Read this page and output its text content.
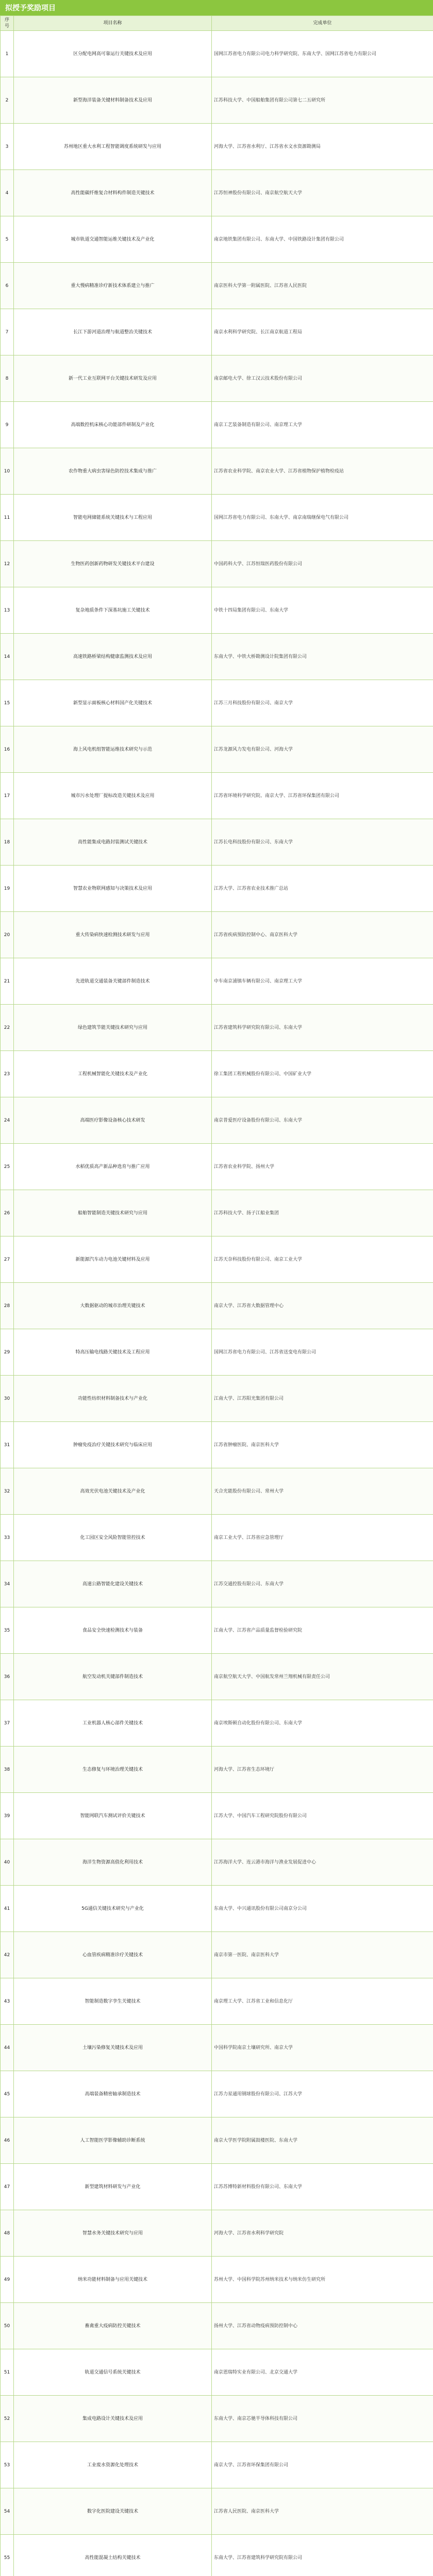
拟授予奖励项目
序号	项目名称	完成单位
1	区分配电网高可靠运行关键技术及应用	国网江苏省电力有限公司电力科学研究院、东南大学、国网江苏省电力有限公司
2	新型海洋装备关键材料制备技术及应用	江苏科技大学、中国船舶集团有限公司第七二五研究所
3	苏州地区重大水利工程智能调度系统研发与应用	河海大学、江苏省水利厅、江苏省水文水资源勘测局
4	高性能碳纤维复合材料构件制造关键技术	江苏恒神股份有限公司、南京航空航天大学
5	城市轨道交通智能运维关键技术及产业化	南京地铁集团有限公司、东南大学、中国铁路设计集团有限公司
6	重大慢病精准诊疗新技术体系建立与推广	南京医科大学第一附属医院、江苏省人民医院
7	长江下游河道治理与航道整治关键技术	南京水利科学研究院、长江南京航道工程局
8	新一代工业互联网平台关键技术研发及应用	南京邮电大学、徐工汉云技术股份有限公司
9	高端数控机床核心功能部件研制及产业化	南京工艺装备制造有限公司、南京理工大学
10	农作物重大病虫害绿色防控技术集成与推广	江苏省农业科学院、南京农业大学、江苏省植物保护植物检疫站
11	智能电网储能系统关键技术与工程应用	国网江苏省电力有限公司、东南大学、南京南瑞继保电气有限公司
12	生物医药创新药物研发关键技术平台建设	中国药科大学、江苏恒瑞医药股份有限公司
13	复杂地质条件下深基坑施工关键技术	中铁十四局集团有限公司、东南大学
14	高速铁路桥梁结构健康监测技术及应用	东南大学、中铁大桥勘测设计院集团有限公司
15	新型显示面板核心材料国产化关键技术	江苏三月科技股份有限公司、南京大学
16	海上风电机组智能运维技术研究与示范	江苏龙源风力发电有限公司、河海大学
17	城市污水处理厂提标改造关键技术及应用	江苏省环境科学研究院、南京大学、江苏省环保集团有限公司
18	高性能集成电路封装测试关键技术	江苏长电科技股份有限公司、东南大学
19	智慧农业物联网感知与决策技术及应用	江苏大学、江苏省农业技术推广总站
20	重大传染病快速检测技术研发与应用	江苏省疾病预防控制中心、南京医科大学
21	先进轨道交通装备关键部件制造技术	中车南京浦镇车辆有限公司、南京理工大学
22	绿色建筑节能关键技术研究与应用	江苏省建筑科学研究院有限公司、东南大学
23	工程机械智能化关键技术及产业化	徐工集团工程机械股份有限公司、中国矿业大学
24	高端医疗影像设备核心技术研发	南京普爱医疗设备股份有限公司、东南大学
25	水稻优质高产新品种选育与推广应用	江苏省农业科学院、扬州大学
26	船舶智能制造关键技术研究与应用	江苏科技大学、扬子江船业集团
27	新能源汽车动力电池关键材料及应用	江苏天奈科技股份有限公司、南京工业大学
28	大数据驱动的城市治理关键技术	南京大学、江苏省大数据管理中心
29	特高压输电线路关键技术及工程应用	国网江苏省电力有限公司、江苏省送变电有限公司
30	功能性纺织材料制备技术与产业化	江南大学、江苏阳光集团有限公司
31	肿瘤免疫治疗关键技术研究与临床应用	江苏省肿瘤医院、南京医科大学
32	高效光伏电池关键技术及产业化	天合光能股份有限公司、常州大学
33	化工园区安全风险智能管控技术	南京工业大学、江苏省应急管理厅
34	高速公路智能化建设关键技术	江苏交通控股有限公司、东南大学
35	食品安全快速检测技术与装备	江南大学、江苏省产品质量监督检验研究院
36	航空发动机关键部件制造技术	南京航空航天大学、中国航发常州兰翔机械有限责任公司
37	工业机器人核心部件关键技术	南京埃斯顿自动化股份有限公司、东南大学
38	生态修复与环境治理关键技术	河海大学、江苏省生态环境厅
39	智能网联汽车测试评价关键技术	江苏大学、中国汽车工程研究院股份有限公司
40	海洋生物资源高值化利用技术	江苏海洋大学、连云港市海洋与渔业发展促进中心
41	5G通信关键技术研究与产业化	东南大学、中兴通讯股份有限公司南京分公司
42	心血管疾病精准诊疗关键技术	南京市第一医院、南京医科大学
43	智能制造数字孪生关键技术	南京理工大学、江苏省工业和信息化厅
44	土壤污染修复关键技术及应用	中国科学院南京土壤研究所、南京大学
45	高端装备精密轴承制造技术	江苏力星通用钢球股份有限公司、江苏大学
46	人工智能医学影像辅助诊断系统	南京大学医学院附属鼓楼医院、东南大学
47	新型建筑材料研发与产业化	江苏苏博特新材料股份有限公司、东南大学
48	智慧水务关键技术研究与应用	河海大学、江苏省水利科学研究院
49	纳米功能材料制备与应用关键技术	苏州大学、中国科学院苏州纳米技术与纳米仿生研究所
50	畜禽重大疫病防控关键技术	扬州大学、江苏省动物疫病预防控制中心
51	轨道交通信号系统关键技术	南京恩瑞特实业有限公司、北京交通大学
52	集成电路设计关键技术及应用	东南大学、南京芯驰半导体科技有限公司
53	工业废水资源化处理技术	南京大学、江苏省环保集团有限公司
54	数字化医院建设关键技术	江苏省人民医院、南京医科大学
55	高性能混凝土结构关键技术	东南大学、江苏省建筑科学研究院有限公司
